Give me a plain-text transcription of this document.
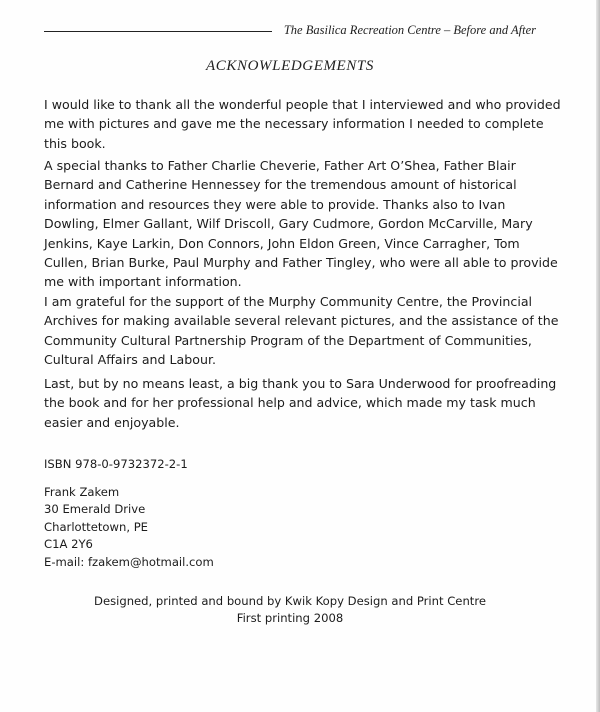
The Basilica Recreation Centre – Before and After
ACKNOWLEDGEMENTS

I would like to thank all the wonderful people that I interviewed and who provided me with pictures and gave me the necessary information I needed to complete this book.

A special thanks to Father Charlie Cheverie, Father Art O’Shea, Father Blair Bernard and Catherine Hennessey for the tremendous amount of historical information and resources they were able to provide. Thanks also to Ivan Dowling, Elmer Gallant, Wilf Driscoll, Gary Cudmore, Gordon McCarville, Mary Jenkins, Kaye Larkin, Don Connors, John Eldon Green, Vince Carragher, Tom Cullen, Brian Burke, Paul Murphy and Father Tingley, who were all able to provide me with important information.

I am grateful for the support of the Murphy Community Centre, the Provincial Archives for making available several relevant pictures, and the assistance of the Community Cultural Partnership Program of the Department of Communities, Cultural Affairs and Labour.

Last, but by no means least, a big thank you to Sara Underwood for proofreading the book and for her professional help and advice, which made my task much easier and enjoyable.

ISBN 978-0-9732372-2-1
Frank Zakem
30 Emerald Drive
Charlottetown, PE
C1A 2Y6
E-mail: fzakem@hotmail.com
Designed, printed and bound by Kwik Kopy Design and Print Centre
First printing 2008
